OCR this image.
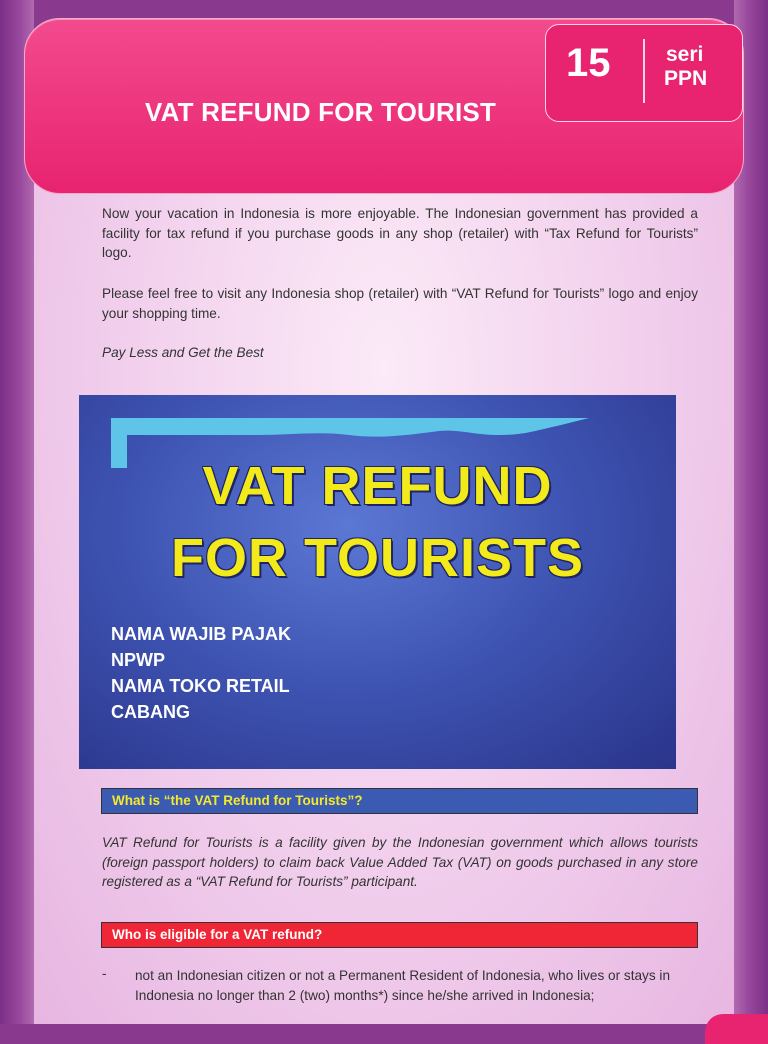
VAT REFUND FOR TOURIST
15	seri
PPN
Now your vacation in Indonesia is more enjoyable. The Indonesian government has provided a facility for tax refund if you purchase goods in any shop (retailer) with “Tax Refund for Tourists” logo.
Please feel free to visit any Indonesia shop (retailer) with “VAT Refund for Tourists” logo and enjoy your shopping time.
Pay Less and Get the Best
VAT REFUND
FOR TOURISTS
NAMA WAJIB PAJAK
NPWP
NAMA TOKO RETAIL
CABANG
What is “the VAT Refund for Tourists”?
VAT Refund for Tourists is a facility given by the Indonesian government which allows tourists (foreign passport holders) to claim back Value Added Tax (VAT) on goods purchased in any store registered as a “VAT Refund for Tourists” participant.
Who is eligible for a VAT refund?
- not an Indonesian citizen or not a Permanent Resident of Indonesia, who lives or stays in Indonesia no longer than 2 (two) months*) since he/she arrived in Indonesia;
